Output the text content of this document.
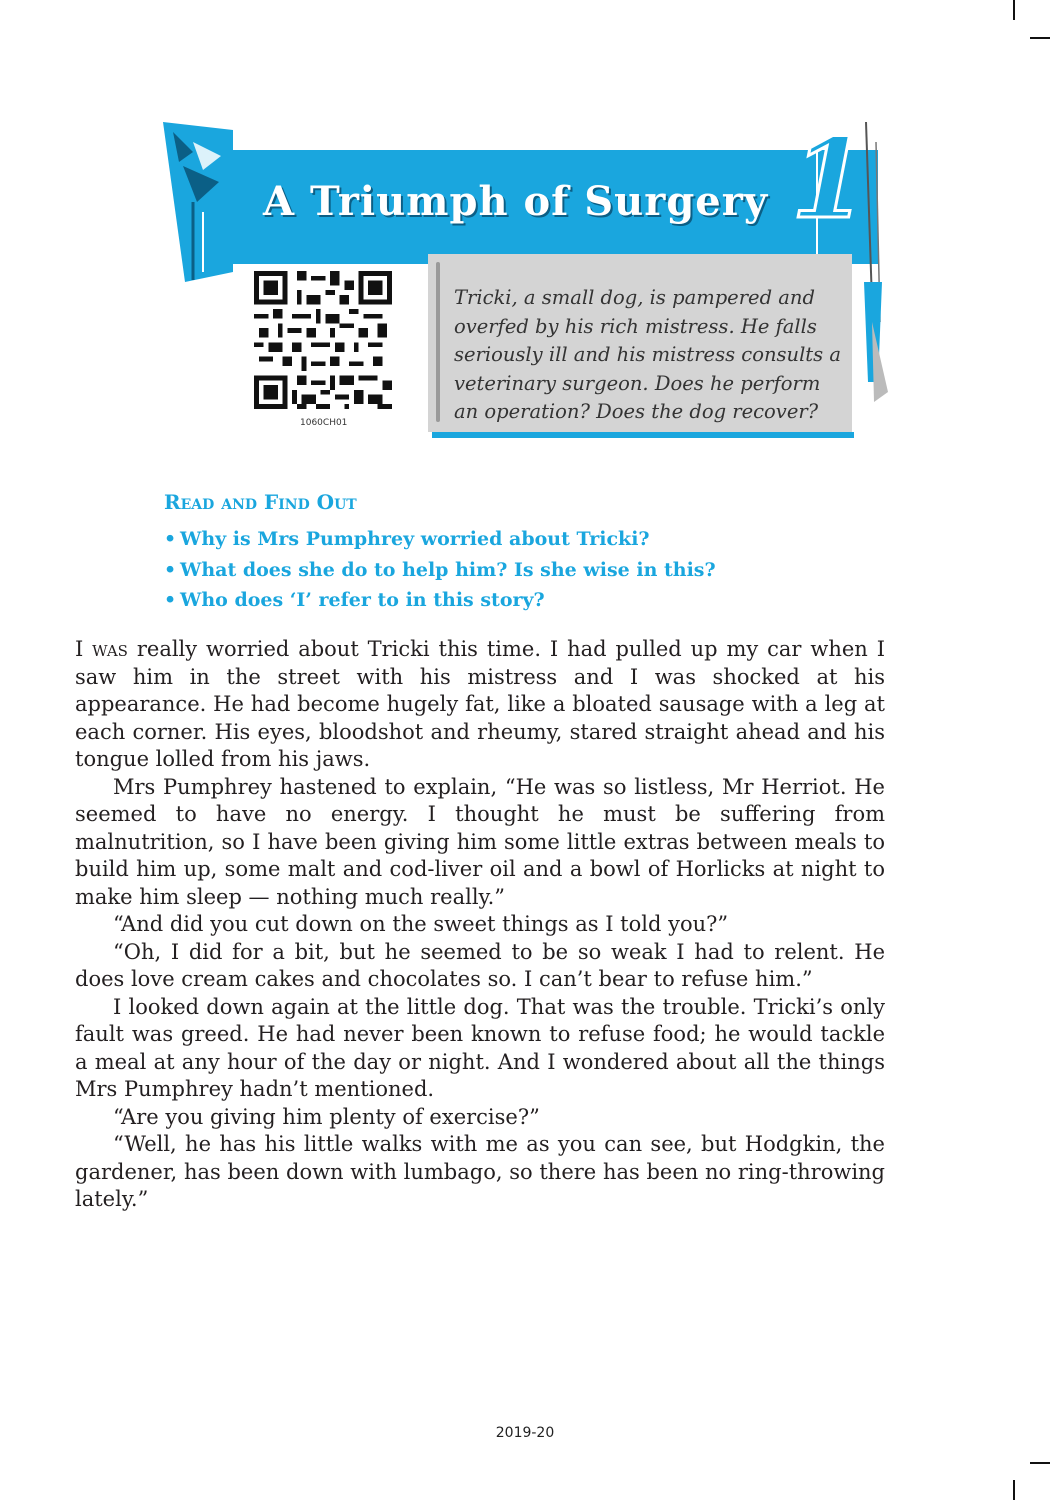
A Triumph of Surgery 1
1060CH01
Tricki, a small dog, is pampered and overfed by his rich mistress. He falls seriously ill and his mistress consults a veterinary surgeon. Does he perform an operation? Does the dog recover?
Read and Find Out
• Why is Mrs Pumphrey worried about Tricki?
• What does she do to help him? Is she wise in this?
• Who does ‘I’ refer to in this story?

I was really worried about Tricki this time. I had pulled up my car when I saw him in the street with his mistress and I was shocked at his appearance. He had become hugely fat, like a bloated sausage with a leg at each corner. His eyes, bloodshot and rheumy, stared straight ahead and his tongue lolled from his jaws.

Mrs Pumphrey hastened to explain, “He was so listless, Mr Herriot. He seemed to have no energy. I thought he must be suffering from malnutrition, so I have been giving him some little extras between meals to build him up, some malt and cod-liver oil and a bowl of Horlicks at night to make him sleep — nothing much really.”

“And did you cut down on the sweet things as I told you?”

“Oh, I did for a bit, but he seemed to be so weak I had to relent. He does love cream cakes and chocolates so. I can’t bear to refuse him.”

I looked down again at the little dog. That was the trouble. Tricki’s only fault was greed. He had never been known to refuse food; he would tackle a meal at any hour of the day or night. And I wondered about all the things Mrs Pumphrey hadn’t mentioned.

“Are you giving him plenty of exercise?”

“Well, he has his little walks with me as you can see, but Hodgkin, the gardener, has been down with lumbago, so there has been no ring-throwing lately.”

2019-20
